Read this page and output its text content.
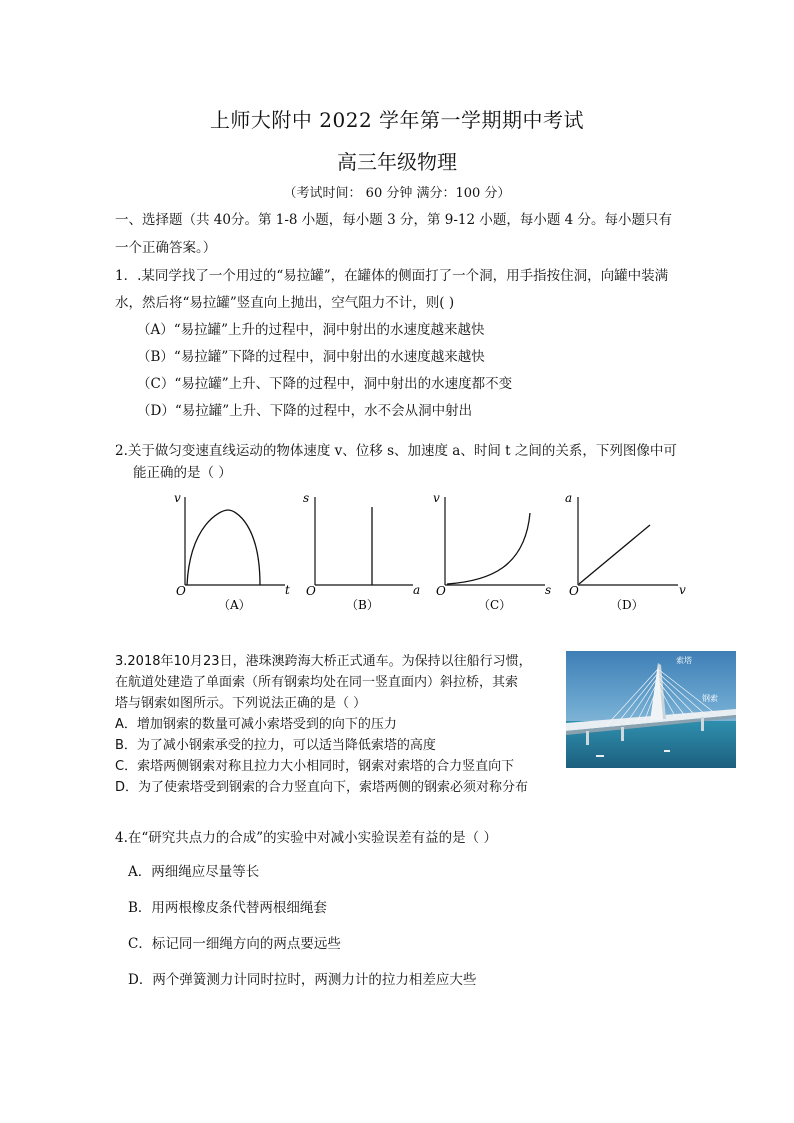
上师大附中 2022 学年第一学期期中考试
高三年级物理
（考试时间： 60 分钟 满分：100 分）
一、选择题（共 40分。第 1-8 小题，每小题 3 分，第 9-12 小题，每小题 4 分。每小题只有
一个正确答案。）
1．.某同学找了一个用过的“易拉罐”，在罐体的侧面打了一个洞，用手指按住洞，向罐中装满
水，然后将“易拉罐”竖直向上抛出，空气阻力不计，则( )
（A）“易拉罐”上升的过程中，洞中射出的水速度越来越快
（B）“易拉罐”下降的过程中，洞中射出的水速度越来越快
（C）“易拉罐”上升、下降的过程中，洞中射出的水速度都不变
（D）“易拉罐”上升、下降的过程中，水不会从洞中射出
2.关于做匀变速直线运动的物体速度 v、位移 s、加速度 a、时间 t 之间的关系，下列图像中可
能正确的是（ ）
v
t
O
（A）
s
a
O
（B）
v
s
O
（C）
a
v
O
（D）
3.2018年10月23日，港珠澳跨海大桥正式通车。为保持以往船行习惯，
在航道处建造了单面索（所有钢索均处在同一竖直面内）斜拉桥，其索
塔与钢索如图所示。下列说法正确的是（ ）
A．增加钢索的数量可减小索塔受到的向下的压力
B．为了减小钢索承受的拉力，可以适当降低索塔的高度
C．索塔两侧钢索对称且拉力大小相同时，钢索对索塔的合力竖直向下
D．为了使索塔受到钢索的合力竖直向下，索塔两侧的钢索必须对称分布
索塔
钢索
4.在“研究共点力的合成”的实验中对减小实验误差有益的是（ ）
A．两细绳应尽量等长
B．用两根橡皮条代替两根细绳套
C．标记同一细绳方向的两点要远些
D．两个弹簧测力计同时拉时，两测力计的拉力相差应大些
